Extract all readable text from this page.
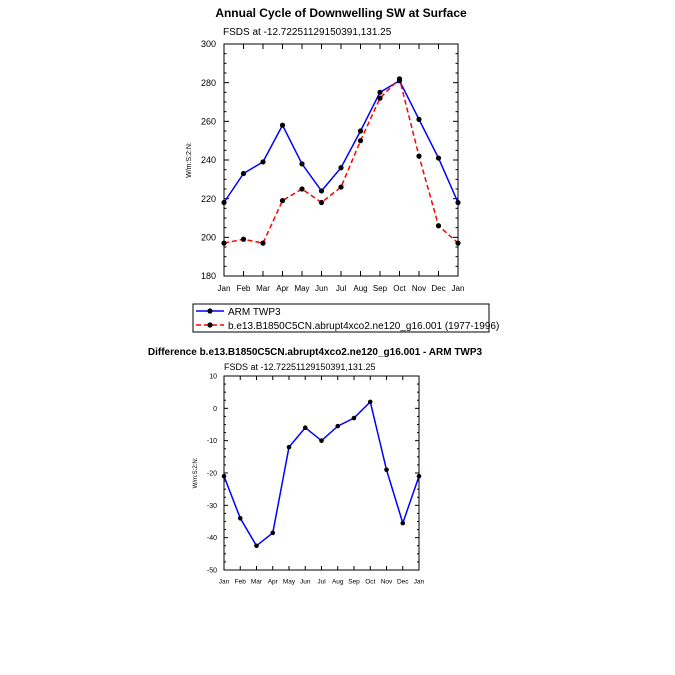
Annual Cycle of Downwelling SW at Surface
FSDS at -12.72251129150391,131.25
W/m:S:2:N:
180
200
220
240
260
280
300
Jan Feb Mar Apr May Jun Jul Aug Sep Oct Nov Dec Jan
ARM TWP3
b.e13.B1850C5CN.abrupt4xco2.ne120_g16.001 (1977-1996)
Difference b.e13.B1850C5CN.abrupt4xco2.ne120_g16.001 - ARM TWP3
FSDS at -12.72251129150391,131.25
W/m:S:2:N:
-50
-40
-30
-20
-10
0
10
Jan Feb Mar Apr May Jun Jul Aug Sep Oct Nov Dec Jan
